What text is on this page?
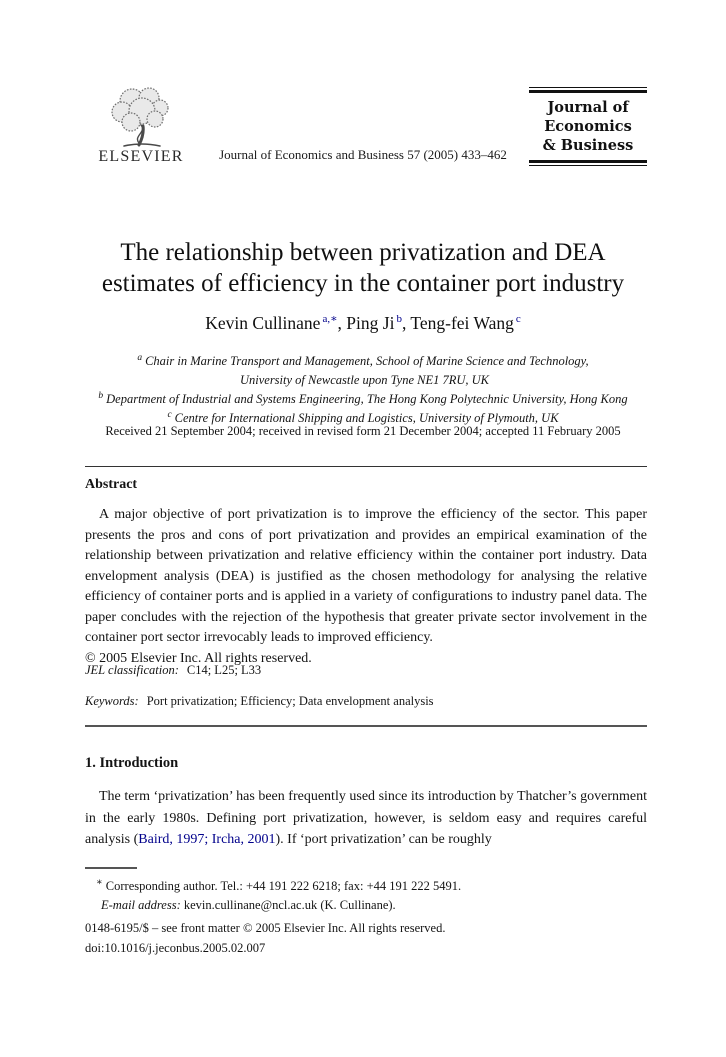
ELSEVIER	Journal of Economics and Business 57 (2005) 433–462
Journal of
Economics
& Business
The relationship between privatization and DEA
estimates of efficiency in the container port industry
Kevin Cullinane $^{a,∗}$, Ping Ji $^b$, Teng-fei Wang $^c$
$^a$ Chair in Marine Transport and Management, School of Marine Science and Technology,
University of Newcastle upon Tyne NE1 7RU, UK
$^b$ Department of Industrial and Systems Engineering, The Hong Kong Polytechnic University, Hong Kong
$^c$ Centre for International Shipping and Logistics, University of Plymouth, UK
Received 21 September 2004; received in revised form 21 December 2004; accepted 11 February 2005
Abstract

A major objective of port privatization is to improve the efficiency of the sector. This paper presents the pros and cons of port privatization and provides an empirical examination of the relationship between privatization and relative efficiency within the container port industry. Data envelopment analysis (DEA) is justified as the chosen methodology for analysing the relative efficiency of container ports and is applied in a variety of configurations to industry panel data. The paper concludes with the rejection of the hypothesis that greater private sector involvement in the container port sector irrevocably leads to improved efficiency.

© 2005 Elsevier Inc. All rights reserved.

JEL classification: C14; L25; L33
Keywords: Port privatization; Efficiency; Data envelopment analysis
1. Introduction

The term ‘privatization’ has been frequently used since its introduction by Thatcher’s government in the early 1980s. Defining port privatization, however, is seldom easy and requires careful analysis (Baird, 1997; Ircha, 2001). If ‘port privatization’ can be roughly

∗ Corresponding author. Tel.: +44 191 222 6218; fax: +44 191 222 5491.
E-mail address: kevin.cullinane@ncl.ac.uk (K. Cullinane).
0148-6195/$ – see front matter © 2005 Elsevier Inc. All rights reserved.
doi:10.1016/j.jeconbus.2005.02.007
